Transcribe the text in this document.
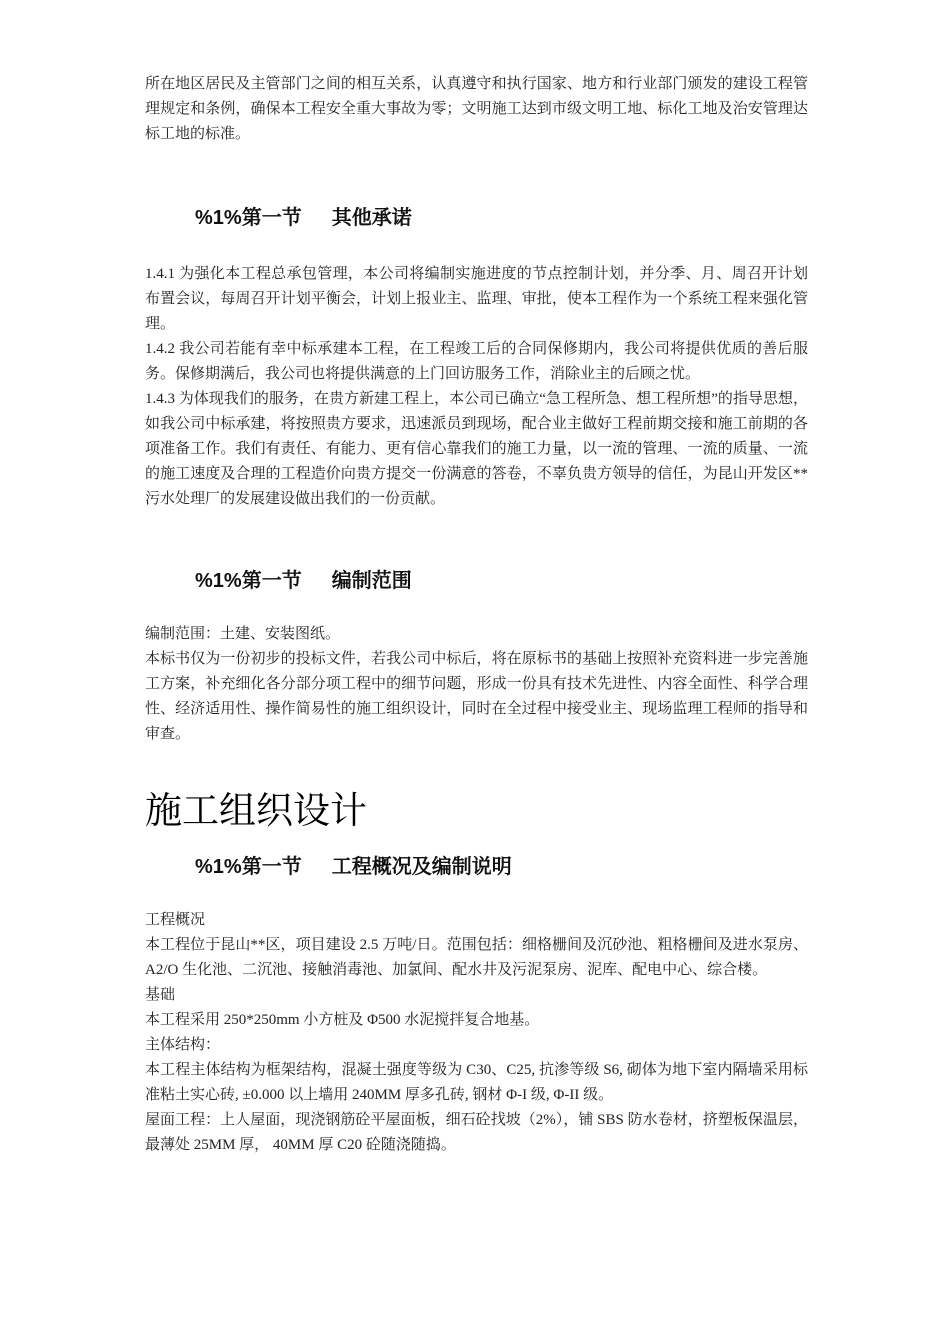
所在地区居民及主管部门之间的相互关系，认真遵守和执行国家、地方和行业部门颁发的建设工程管理规定和条例，确保本工程安全重大事故为零；文明施工达到市级文明工地、标化工地及治安管理达标工地的标准。

%1%第一节 其他承诺

1.4.1 为强化本工程总承包管理，本公司将编制实施进度的节点控制计划，并分季、月、周召开计划布置会议，每周召开计划平衡会，计划上报业主、监理、审批，使本工程作为一个系统工程来强化管理。

1.4.2 我公司若能有幸中标承建本工程，在工程竣工后的合同保修期内，我公司将提供优质的善后服务。保修期满后，我公司也将提供满意的上门回访服务工作，消除业主的后顾之忧。

1.4.3 为体现我们的服务，在贵方新建工程上，本公司已确立“急工程所急、想工程所想”的指导思想，如我公司中标承建，将按照贵方要求，迅速派员到现场，配合业主做好工程前期交接和施工前期的各项准备工作。我们有责任、有能力、更有信心靠我们的施工力量，以一流的管理、一流的质量、一流的施工速度及合理的工程造价向贵方提交一份满意的答卷，不辜负贵方领导的信任，为昆山开发区**污水处理厂的发展建设做出我们的一份贡献。

%1%第一节 编制范围

编制范围：土建、安装图纸。

本标书仅为一份初步的投标文件，若我公司中标后，将在原标书的基础上按照补充资料进一步完善施工方案，补充细化各分部分项工程中的细节问题，形成一份具有技术先进性、内容全面性、科学合理性、经济适用性、操作简易性的施工组织设计，同时在全过程中接受业主、现场监理工程师的指导和审查。

施工组织设计
%1%第一节 工程概况及编制说明

工程概况

本工程位于昆山**区，项目建设 2.5 万吨/日。范围包括：细格栅间及沉砂池、粗格栅间及进水泵房、A2/O 生化池、二沉池、接触消毒池、加氯间、配水井及污泥泵房、泥库、配电中心、综合楼。

基础

本工程采用 250*250mm 小方桩及 Φ500 水泥搅拌复合地基。

主体结构：

本工程主体结构为框架结构，混凝土强度等级为 C30、C25, 抗渗等级 S6, 砌体为地下室内隔墙采用标准粘土实心砖, ±0.000 以上墙用 240MM 厚多孔砖, 钢材 Φ-I 级, Φ-II 级。

屋面工程：上人屋面，现浇钢筋砼平屋面板，细石砼找坡（2%），铺 SBS 防水卷材，挤塑板保温层，最薄处 25MM 厚， 40MM 厚 C20 砼随浇随捣。
